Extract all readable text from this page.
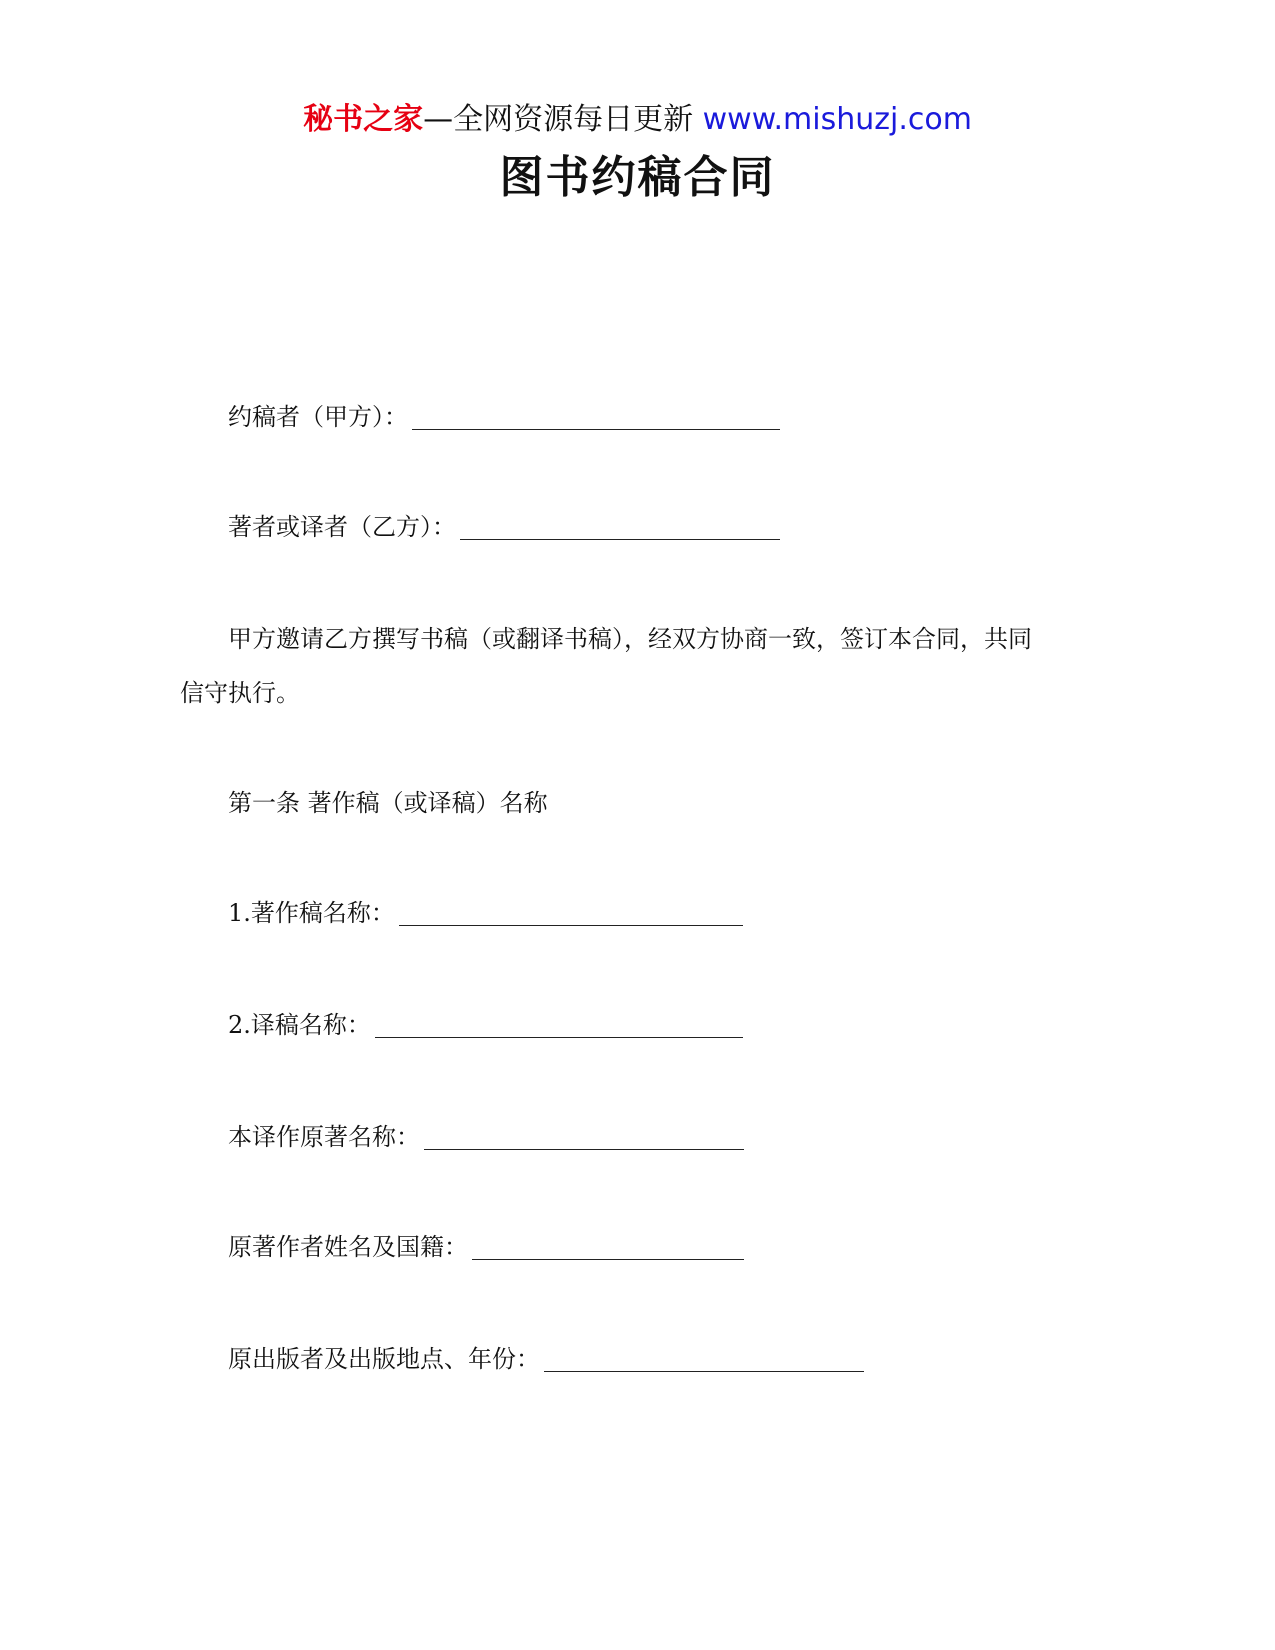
秘书之家—全网资源每日更新 www.mishuzj.com
图书约稿合同
约稿者（甲方）：
著者或译者（乙方）：
甲方邀请乙方撰写书稿（或翻译书稿），经双方协商一致，签订本合同，共同
信守执行。
第一条 著作稿（或译稿）名称
1.著作稿名称：
2.译稿名称：
本译作原著名称：
原著作者姓名及国籍：
原出版者及出版地点、年份：
